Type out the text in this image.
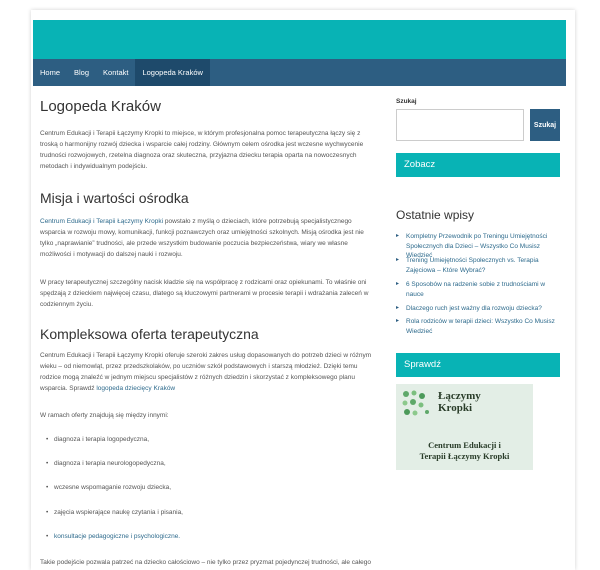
Home	Blog	Kontakt	Logopeda Kraków
Logopeda Kraków

Centrum Edukacji i Terapii Łączymy Kropki to miejsce, w którym profesjonalna pomoc terapeutyczna łączy się z troską o harmonijny rozwój dziecka i wsparcie całej rodziny. Głównym celem ośrodka jest wczesne wychwycenie trudności rozwojowych, rzetelna diagnoza oraz skuteczna, przyjazna dziecku terapia oparta na nowoczesnych metodach i indywidualnym podejściu.

Misja i wartości ośrodka

Centrum Edukacji i Terapii Łączymy Kropki powstało z myślą o dzieciach, które potrzebują specjalistycznego wsparcia w rozwoju mowy, komunikacji, funkcji poznawczych oraz umiejętności szkolnych. Misją ośrodka jest nie tylko „naprawianie” trudności, ale przede wszystkim budowanie poczucia bezpieczeństwa, wiary we własne możliwości i motywacji do dalszej nauki i rozwoju.

W pracy terapeutycznej szczególny nacisk kładzie się na współpracę z rodzicami oraz opiekunami. To właśnie oni spędzają z dzieckiem najwięcej czasu, dlatego są kluczowymi partnerami w procesie terapii i wdrażania zaleceń w codziennym życiu.

Kompleksowa oferta terapeutyczna

Centrum Edukacji i Terapii Łączymy Kropki oferuje szeroki zakres usług dopasowanych do potrzeb dzieci w różnym wieku – od niemowląt, przez przedszkolaków, po uczniów szkół podstawowych i starszą młodzież. Dzięki temu rodzice mogą znaleźć w jednym miejscu specjalistów z różnych dziedzin i skorzystać z kompleksowego planu wsparcia. Sprawdź logopeda dziecięcy Kraków

W ramach oferty znajdują się między innymi:

• diagnoza i terapia logopedyczna,
• diagnoza i terapia neurologopedyczna,
• wczesne wspomaganie rozwoju dziecka,
• zajęcia wspierające naukę czytania i pisania,
• konsultacje pedagogiczne i psychologiczne.

Takie podejście pozwala patrzeć na dziecko całościowo – nie tylko przez pryzmat pojedynczej trudności, ale całego

Szukaj
Szukaj
Zobacz
Ostatnie wpisy
▸ Kompletny Przewodnik po Treningu Umiejętności Społecznych dla Dzieci – Wszystko Co Musisz Wiedzieć
▸ Trening Umiejętności Społecznych vs. Terapia Zajęciowa – Które Wybrać?
▸ 6 Sposobów na radzenie sobie z trudnościami w nauce
▸ Dlaczego ruch jest ważny dla rozwoju dziecka?
▸ Rola rodziców w terapii dzieci: Wszystko Co Musisz Wiedzieć
Sprawdź
Łączymy
Kropki
Centrum Edukacji i
Terapii Łączymy Kropki
